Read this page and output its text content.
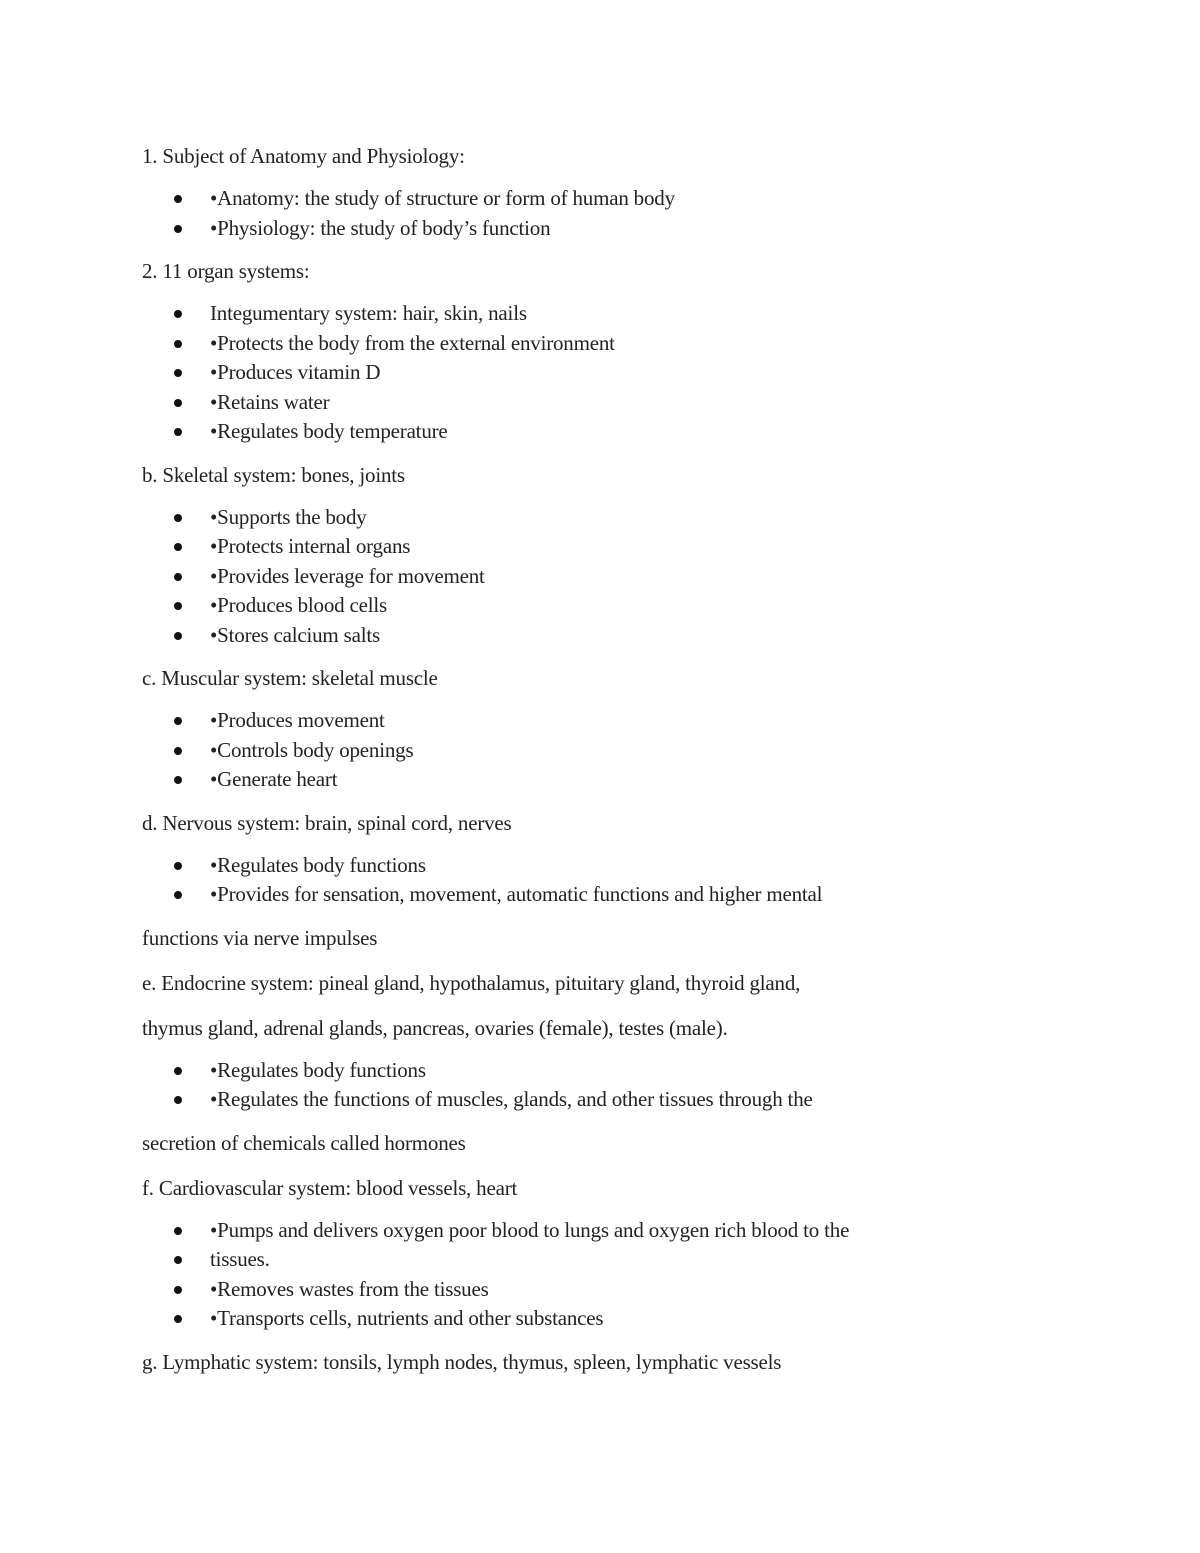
1. Subject of Anatomy and Physiology:

•Anatomy: the study of structure or form of human body
•Physiology: the study of body’s function

2. 11 organ systems:

Integumentary system: hair, skin, nails
•Protects the body from the external environment
•Produces vitamin D
•Retains water
•Regulates body temperature

b. Skeletal system: bones, joints

•Supports the body
•Protects internal organs
•Provides leverage for movement
•Produces blood cells
•Stores calcium salts

c. Muscular system: skeletal muscle

•Produces movement
•Controls body openings
•Generate heart

d. Nervous system: brain, spinal cord, nerves

•Regulates body functions
•Provides for sensation, movement, automatic functions and higher mental

functions via nerve impulses

e. Endocrine system: pineal gland, hypothalamus, pituitary gland, thyroid gland,

thymus gland, adrenal glands, pancreas, ovaries (female), testes (male).

•Regulates body functions
•Regulates the functions of muscles, glands, and other tissues through the

secretion of chemicals called hormones

f. Cardiovascular system: blood vessels, heart

•Pumps and delivers oxygen poor blood to lungs and oxygen rich blood to the
tissues.
•Removes wastes from the tissues
•Transports cells, nutrients and other substances

g. Lymphatic system: tonsils, lymph nodes, thymus, spleen, lymphatic vessels
